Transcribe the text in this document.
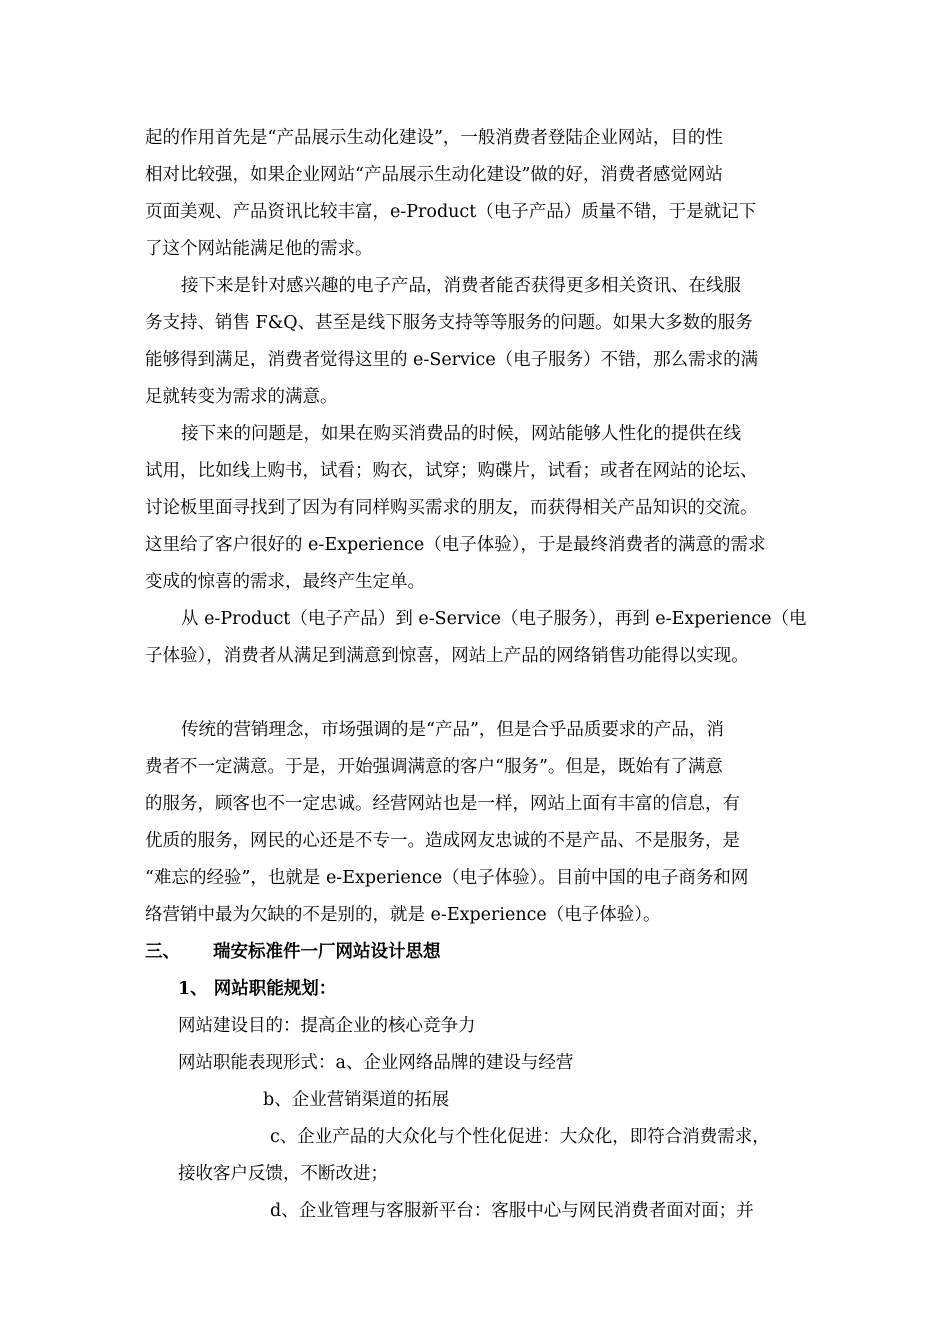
起的作用首先是“产品展示生动化建设”，一般消费者登陆企业网站，目的性
相对比较强，如果企业网站“产品展示生动化建设”做的好，消费者感觉网站
页面美观、产品资讯比较丰富，e-Product（电子产品）质量不错，于是就记下
了这个网站能满足他的需求。
接下来是针对感兴趣的电子产品，消费者能否获得更多相关资讯、在线服
务支持、销售 F&Q、甚至是线下服务支持等等服务的问题。如果大多数的服务
能够得到满足，消费者觉得这里的 e-Service（电子服务）不错，那么需求的满
足就转变为需求的满意。
接下来的问题是，如果在购买消费品的时候，网站能够人性化的提供在线
试用，比如线上购书，试看；购衣，试穿；购碟片，试看；或者在网站的论坛、
讨论板里面寻找到了因为有同样购买需求的朋友，而获得相关产品知识的交流。
这里给了客户很好的 e-Experience（电子体验），于是最终消费者的满意的需求
变成的惊喜的需求，最终产生定单。
从 e-Product（电子产品）到 e-Service（电子服务），再到 e-Experience（电
子体验），消费者从满足到满意到惊喜，网站上产品的网络销售功能得以实现。
传统的营销理念，市场强调的是“产品”，但是合乎品质要求的产品，消
费者不一定满意。于是，开始强调满意的客户“服务”。但是，既始有了满意
的服务，顾客也不一定忠诚。经营网站也是一样，网站上面有丰富的信息，有
优质的服务，网民的心还是不专一。造成网友忠诚的不是产品、不是服务，是
“难忘的经验”，也就是 e-Experience（电子体验）。目前中国的电子商务和网
络营销中最为欠缺的不是别的，就是 e-Experience（电子体验）。
三、 瑞安标准件一厂网站设计思想
1、 网站职能规划：
网站建设目的：提高企业的核心竞争力
网站职能表现形式：a、企业网络品牌的建设与经营
b、企业营销渠道的拓展
c、企业产品的大众化与个性化促进：大众化，即符合消费需求，
接收客户反馈，不断改进；
d、企业管理与客服新平台：客服中心与网民消费者面对面；并
